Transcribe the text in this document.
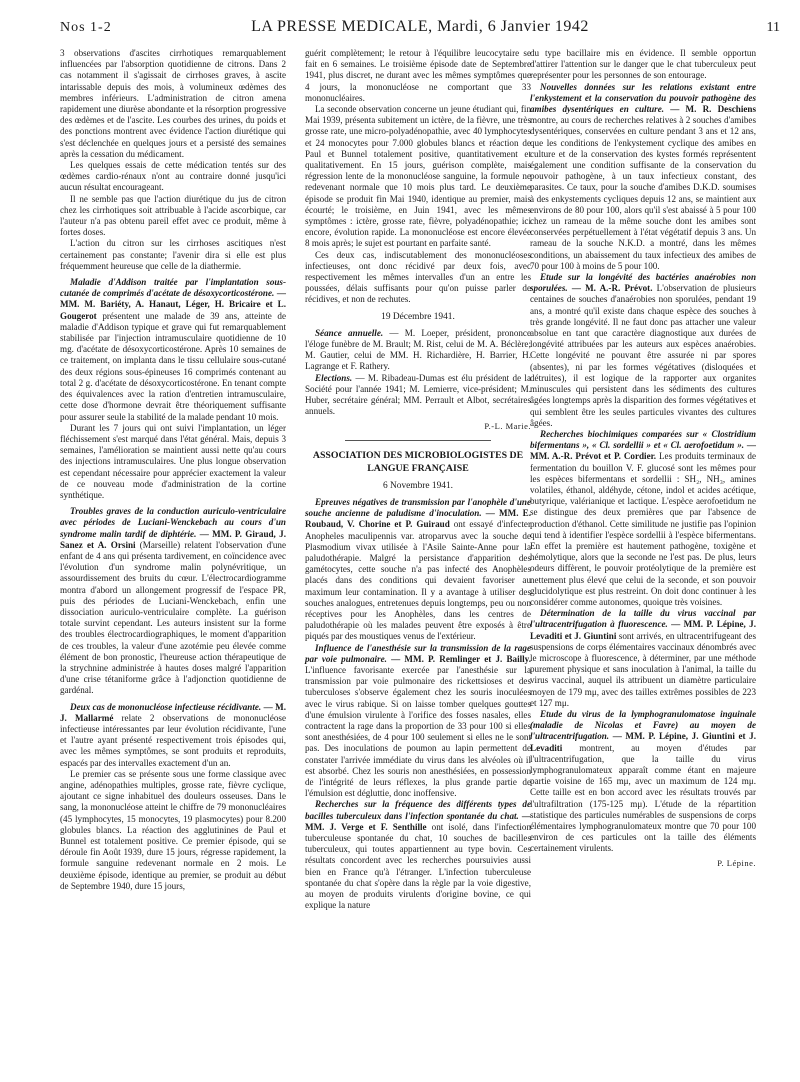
Nos 1-2	LA PRESSE MEDICALE, Mardi, 6 Janvier 1942	11

3 observations d'ascites cirrhotiques remarquablement influencées par l'absorption quotidienne de citrons. Dans 2 cas notamment il s'agissait de cirrhoses graves, à ascite intarissable depuis des mois, à volumineux œdèmes des membres inférieurs. L'administration de citron amena rapidement une diurèse abondante et la résorption progressive des œdèmes et de l'ascite. Les courbes des urines, du poids et des ponctions montrent avec évidence l'action diurétique qui s'est déclenchée en quelques jours et a persisté des semaines après la cessation du médicament.

Les quelques essais de cette médication tentés sur des œdèmes cardio-rénaux n'ont au contraire donné jusqu'ici aucun résultat encourageant.

Il ne semble pas que l'action diurétique du jus de citron chez les cirrhotiques soit attribuable à l'acide ascorbique, car l'auteur n'a pas obtenu pareil effet avec ce produit, même à fortes doses.

L'action du citron sur les cirrhoses ascitiques n'est certainement pas constante; l'avenir dira si elle est plus fréquemment heureuse que celle de la diathermie.

Maladie d'Addison traitée par l'implantation sous-cutanée de comprimés d'acétate de désoxycorticostérone. — MM. M. Bariéty, A. Hanaut, Léger, H. Bricaire et L. Gougerot présentent une malade de 39 ans, atteinte de maladie d'Addison typique et grave qui fut remarquablement stabilisée par l'injection intramusculaire quotidienne de 10 mg. d'acétate de désoxycorticostérone. Après 10 semaines de ce traitement, on implanta dans le tissu cellulaire sous-cutané des deux régions sous-épineuses 16 comprimés contenant au total 2 g. d'acétate de désoxycorticostérone. En tenant compte des équivalences avec la ration d'entretien intramusculaire, cette dose d'hormone devrait être théoriquement suffisante pour assurer seule la stabilité de la malade pendant 10 mois.

Durant les 7 jours qui ont suivi l'implantation, un léger fléchissement s'est marqué dans l'état général. Mais, depuis 3 semaines, l'amélioration se maintient aussi nette qu'au cours des injections intramusculaires. Une plus longue observation est cependant nécessaire pour apprécier exactement la valeur de ce nouveau mode d'administration de la cortine synthétique.

Troubles graves de la conduction auriculo-ventriculaire avec périodes de Luciani-Wenckebach au cours d'un syndrome malin tardif de diphtérie. — MM. P. Giraud, J. Sanez et A. Orsini (Marseille) relatent l'observation d'une enfant de 4 ans qui présenta tardivement, en coïncidence avec l'évolution d'un syndrome malin polynévritique, un assourdissement des bruits du cœur. L'électrocardiogramme montra d'abord un allongement progressif de l'espace PR, puis des périodes de Luciani-Wenckebach, enfin une dissociation auriculo-ventriculaire complète. La guérison totale survint cependant. Les auteurs insistent sur la forme des troubles électrocardiographiques, le moment d'apparition de ces troubles, la valeur d'une azotémie peu élevée comme élément de bon pronostic, l'heureuse action thérapeutique de la strychnine administrée à hautes doses malgré l'apparition d'une crise tétaniforme grâce à l'adjonction quotidienne de gardénal.

Deux cas de mononucléose infectieuse récidivante. — M. J. Mallarmé relate 2 observations de mononucléose infectieuse intéressantes par leur évolution récidivante, l'une et l'autre ayant présenté respectivement trois épisodes qui, avec les mêmes symptômes, se sont produits et reproduits, espacés par des intervalles exactement d'un an.

Le premier cas se présente sous une forme classique avec angine, adénopathies multiples, grosse rate, fièvre cyclique, ajoutant ce signe inhabituel des douleurs osseuses. Dans le sang, la mononucléose atteint le chiffre de 79 mononucléaires (45 lymphocytes, 15 monocytes, 19 plasmocytes) pour 8.200 globules blancs. La réaction des agglutinines de Paul et Bunnel est totalement positive. Ce premier épisode, qui se déroule fin Août 1939, dure 15 jours, régresse rapidement, la formule sanguine redevenant normale en 2 mois. Le deuxième épisode, identique au premier, se produit au début de Septembre 1940, dure 15 jours,

guérit complètement; le retour à l'équilibre leucocytaire se fait en 6 semaines. Le troisième épisode date de Septembre 1941, plus discret, ne durant avec les mêmes symptômes que 4 jours, la mononucléose ne comportant que 33 mononucléaires.

La seconde observation concerne un jeune étudiant qui, fin Mai 1939, présenta subitement un ictère, de la fièvre, une très grosse rate, une micro-polyadénopathie, avec 40 lymphocytes et 24 monocytes pour 7.000 globules blancs et réaction de Paul et Bunnel totalement positive, quantitativement et qualitativement. En 15 jours, guérison complète, mais régression lente de la mononucléose sanguine, la formule ne redevenant normale que 10 mois plus tard. Le deuxième épisode se produit fin Mai 1940, identique au premier, mais écourté; le troisième, en Juin 1941, avec les mêmes symptômes : ictère, grosse rate, fièvre, polyadénopathie; ici encore, évolution rapide. La mononucléose est encore élevée 8 mois après; le sujet est pourtant en parfaite santé.

Ces deux cas, indiscutablement des mononucléoses infectieuses, ont donc récidivé par deux fois, avec respectivement les mêmes intervalles d'un an entre les poussées, délais suffisants pour qu'on puisse parler de récidives, et non de rechutes.

19 Décembre 1941.

Séance annuelle. — M. Loeper, président, prononce l'éloge funèbre de M. Brault; M. Rist, celui de M. A. Béclère; M. Gautier, celui de MM. H. Richardière, H. Barrier, H. Lagrange et F. Rathery.

Elections. — M. Ribadeau-Dumas est élu président de la Société pour l'année 1941; M. Lemierre, vice-président; M. Huber, secrétaire général; MM. Perrault et Albot, secrétaires annuels.

P.-L. Marie.
ASSOCIATION DES MICROBIOLOGISTES DE LANGUE FRANÇAISE
6 Novembre 1941.

Epreuves négatives de transmission par l'anophèle d'une souche ancienne de paludisme d'inoculation. — MM. E. Roubaud, V. Chorine et P. Guiraud ont essayé d'infecter Anopheles maculipennis var. atroparvus avec la souche de Plasmodium vivax utilisée à l'Asile Sainte-Anne pour la paludothérapie. Malgré la persistance d'apparition des gamétocytes, cette souche n'a pas infecté des Anophèles placés dans des conditions qui devaient favoriser au maximum leur contamination. Il y a avantage à utiliser des souches analogues, entretenues depuis longtemps, peu ou non réceptives pour les Anophèles, dans les centres de paludothérapie où les malades peuvent être exposés à être piqués par des moustiques venus de l'extérieur.

Influence de l'anesthésie sur la transmission de la rage par voie pulmonaire. — MM. P. Remlinger et J. Bailly. L'influence favorisante exercée par l'anesthésie sur la transmission par voie pulmonaire des rickettsioses et des tuberculoses s'observe également chez les souris inoculées avec le virus rabique. Si on laisse tomber quelques gouttes d'une émulsion virulente à l'orifice des fosses nasales, elles contractent la rage dans la proportion de 33 pour 100 si elles sont anesthésiées, de 4 pour 100 seulement si elles ne le sont pas. Des inoculations de poumon au lapin permettent de constater l'arrivée immédiate du virus dans les alvéoles où il est absorbé. Chez les souris non anesthésiées, en possession de l'intégrité de leurs réflexes, la plus grande partie de l'émulsion est dégluttie, donc inoffensive.

Recherches sur la fréquence des différents types de bacilles tuberculeux dans l'infection spontanée du chat. — MM. J. Verge et F. Senthille ont isolé, dans l'infection tuberculeuse spontanée du chat, 10 souches de bacilles tuberculeux, qui toutes appartiennent au type bovin. Ces résultats concordent avec les recherches poursuivies aussi bien en France qu'à l'étranger. L'infection tuberculeuse spontanée du chat s'opère dans la règle par la voie digestive, au moyen de produits virulents d'origine bovine, ce qui explique la nature

du type bacillaire mis en évidence. Il semble opportun d'attirer l'attention sur le danger que le chat tuberculeux peut représenter pour les personnes de son entourage.

Nouvelles données sur les relations existant entre l'enkystement et la conservation du pouvoir pathogène des amibes dysentériques en culture. — M. R. Deschiens montre, au cours de recherches relatives à 2 souches d'amibes dysentériques, conservées en culture pendant 3 ans et 12 ans, que les conditions de l'enkystement cyclique des amibes en culture et de la conservation des kystes formés représentent également une condition suffisante de la conservation du pouvoir pathogène, à un taux infectieux constant, des parasites. Ce taux, pour la souche d'amibes D.K.D. soumises à des enkystements cycliques depuis 12 ans, se maintient aux environs de 80 pour 100, alors qu'il s'est abaissé à 5 pour 100 chez un rameau de la même souche dont les amibes sont conservées perpétuellement à l'état végétatif depuis 3 ans. Un rameau de la souche N.K.D. a montré, dans les mêmes conditions, un abaissement du taux infectieux des amibes de 70 pour 100 à moins de 5 pour 100.

Etude sur la longévité des bactéries anaérobies non sporulées. — M. A.-R. Prévot. L'observation de plusieurs centaines de souches d'anaérobies non sporulées, pendant 19 ans, a montré qu'il existe dans chaque espèce des souches à très grande longévité. Il ne faut donc pas attacher une valeur absolue en tant que caractère diagnostique aux durées de longévité attribuées par les auteurs aux espèces anaérobies. Cette longévité ne pouvant être assurée ni par spores (absentes), ni par les formes végétatives (disloquées et détruites), il est logique de la rapporter aux organites minuscules qui persistent dans les sédiments des cultures âgées longtemps après la disparition des formes végétatives et qui semblent être les seules particules vivantes des cultures âgées.

Recherches biochimiques comparées sur « Clostridium bifermentans », « Cl. sordellii » et « Cl. aerofoetidum ». — MM. A.-R. Prévot et P. Cordier. Les produits terminaux de fermentation du bouillon V. F. glucosé sont les mêmes pour les espèces bifermentans et sordellii : SH₂, NH₃, amines volatiles, éthanol, aldéhyde, cétone, indol et acides acétique, butyrique, valérianique et lactique. L'espèce aerofoetidum ne se distingue des deux premières que par l'absence de production d'éthanol. Cette similitude ne justifie pas l'opinion qui tend à identifier l'espèce sordellii à l'espèce bifermentans. En effet la première est hautement pathogène, toxigène et hémolytique, alors que la seconde ne l'est pas. De plus, leurs odeurs diffèrent, le pouvoir protéolytique de la première est nettement plus élevé que celui de la seconde, et son pouvoir glucidolytique est plus restreint. On doit donc continuer à les considérer comme autonomes, quoique très voisines.

Détermination de la taille du virus vaccinal par l'ultracentrifugation à fluorescence. — MM. P. Lépine, J. Levaditi et J. Giuntini sont arrivés, en ultracentrifugeant des suspensions de corps élémentaires vaccinaux dénombrés avec le microscope à fluorescence, à déterminer, par une méthode purement physique et sans inoculation à l'animal, la taille du virus vaccinal, auquel ils attribuent un diamètre particulaire moyen de 179 mμ, avec des tailles extrêmes possibles de 223 et 127 mμ.

Etude du virus de la lymphogranulomatose inguinale (maladie de Nicolas et Favre) au moyen de l'ultracentrifugation. — MM. P. Lépine, J. Giuntini et J. Levaditi montrent, au moyen d'études par l'ultracentrifugation, que la taille du virus lymphogranulomateux apparaît comme étant en majeure partie voisine de 165 mμ, avec un maximum de 124 mμ. Cette taille est en bon accord avec les résultats trouvés par l'ultrafiltration (175-125 mμ). L'étude de la répartition statistique des particules numérables de suspensions de corps élémentaires lymphogranulomateux montre que 70 pour 100 environ de ces particules ont la taille des éléments certainement virulents.

P. Lépine.
